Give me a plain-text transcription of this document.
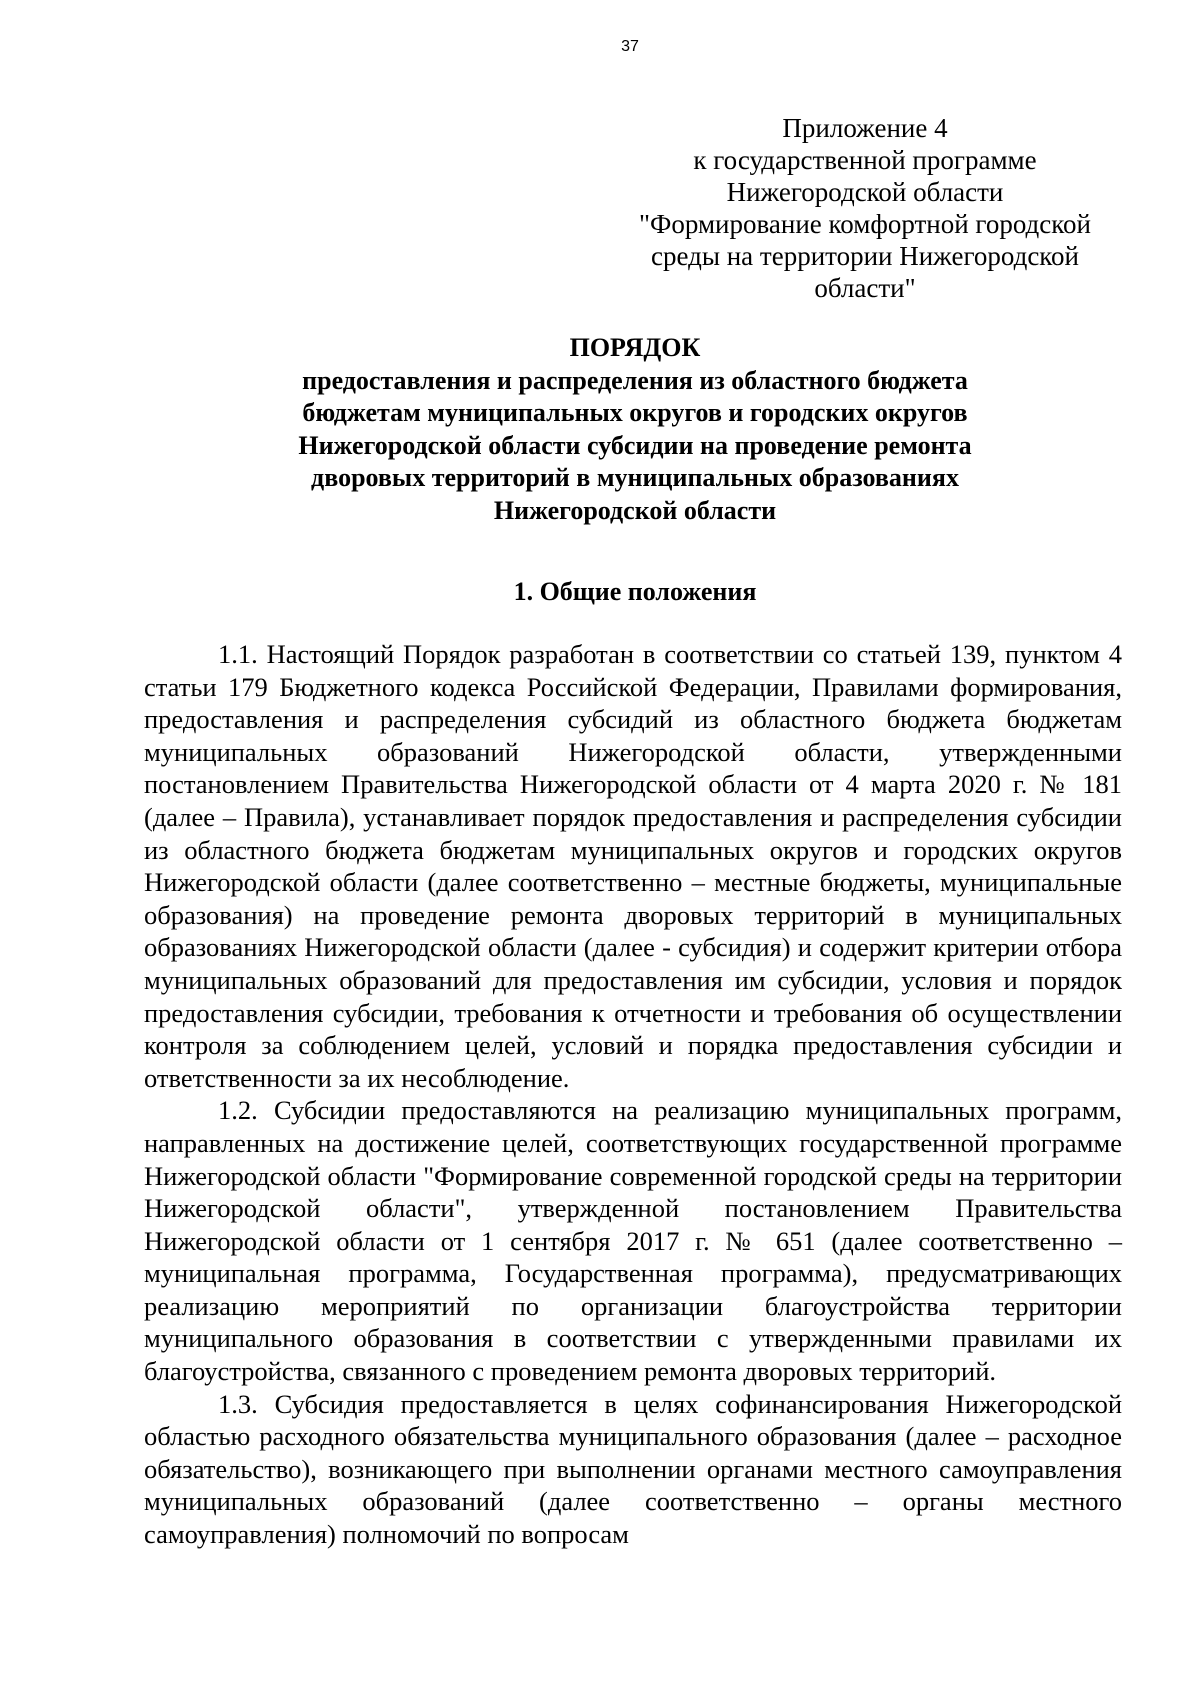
37
Приложение 4
к государственной программе
Нижегородской области
"Формирование комфортной городской
среды на территории Нижегородской
области"
ПОРЯДОК
предоставления и распределения из областного бюджета
бюджетам муниципальных округов и городских округов
Нижегородской области субсидии на проведение ремонта
дворовых территорий в муниципальных образованиях
Нижегородской области
1. Общие положения

1.1. Настоящий Порядок разработан в соответствии со статьей 139, пунктом 4 статьи 179 Бюджетного кодекса Российской Федерации, Правилами формирования, предоставления и распределения субсидий из областного бюджета бюджетам муниципальных образований Нижегородской области, утвержденными постановлением Правительства Нижегородской области от 4 марта 2020 г. № 181 (далее – Правила), устанавливает порядок предоставления и распределения субсидии из областного бюджета бюджетам муниципальных округов и городских округов Нижегородской области (далее соответственно – местные бюджеты, муниципальные образования) на проведение ремонта дворовых территорий в муниципальных образованиях Нижегородской области (далее - субсидия) и содержит критерии отбора муниципальных образований для предоставления им субсидии, условия и порядок предоставления субсидии, требования к отчетности и требования об осуществлении контроля за соблюдением целей, условий и порядка предоставления субсидии и ответственности за их несоблюдение.

1.2. Субсидии предоставляются на реализацию муниципальных программ, направленных на достижение целей, соответствующих государственной программе Нижегородской области "Формирование современной городской среды на территории Нижегородской области", утвержденной постановлением Правительства Нижегородской области от 1 сентября 2017 г. № 651 (далее соответственно – муниципальная программа, Государственная программа), предусматривающих реализацию мероприятий по организации благоустройства территории муниципального образования в соответствии с утвержденными правилами их благоустройства, связанного с проведением ремонта дворовых территорий.

1.3. Субсидия предоставляется в целях софинансирования Нижегородской областью расходного обязательства муниципального образования (далее – расходное обязательство), возникающего при выполнении органами местного самоуправления муниципальных образований (далее соответственно – органы местного самоуправления) полномочий по вопросам
